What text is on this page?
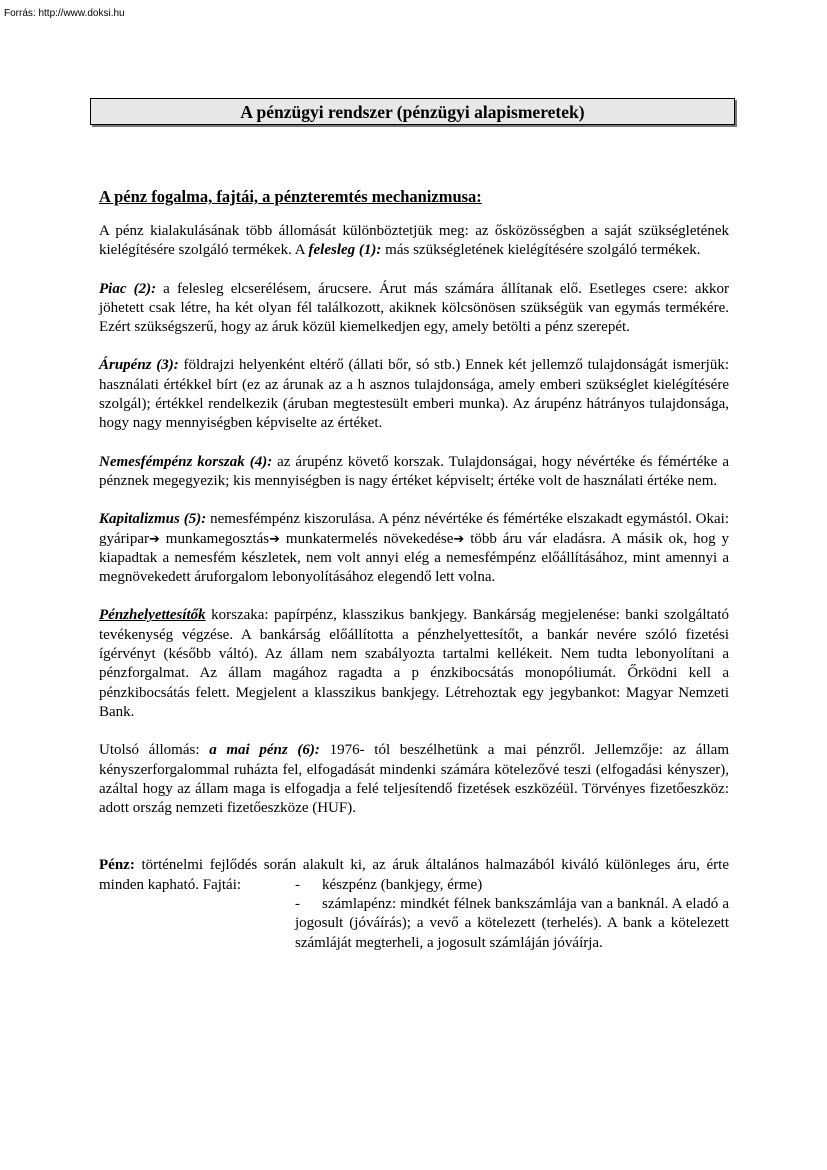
Forrás: http://www.doksi.hu
A pénzügyi rendszer (pénzügyi alapismeretek)
A pénz fogalma, fajtái, a pénzteremtés mechanizmusa:
A pénz kialakulásának több állomását különböztetjük meg: az ősközösségben a saját szükségletének kielégítésére szolgáló termékek. A felesleg (1): más szükségletének kielégítésére szolgáló termékek.
Piac (2): a felesleg elcserélésem, árucsere. Árut más számára állítanak elő. Esetleges csere: akkor jöhetett csak létre, ha két olyan fél találkozott, akiknek kölcsönösen szükségük van egymás termékére. Ezért szükségszerű, hogy az áruk közül kiemelkedjen egy, amely betölti a pénz szerepét.
Árupénz (3): földrajzi helyenként eltérő (állati bőr, só stb.) Ennek két jellemző tulajdonságát ismerjük: használati értékkel bírt (ez az árunak az a h asznos tulajdonsága, amely emberi szükséglet kielégítésére szolgál); értékkel rendelkezik (áruban megtestesült emberi munka). Az árupénz hátrányos tulajdonsága, hogy nagy mennyiségben képviselte az értéket.
Nemesfémpénz korszak (4): az árupénz követő korszak. Tulajdonságai, hogy névértéke és fémértéke a pénznek megegyezik; kis mennyiségben is nagy értéket képviselt; értéke volt de használati értéke nem.
Kapitalizmus (5): nemesfémpénz kiszorulása. A pénz névértéke és fémértéke elszakadt egymástól. Okai: gyáripar➔ munkamegosztás➔ munkatermelés növekedése➔ több áru vár eladásra. A másik ok, hog y kiapadtak a nemesfém készletek, nem volt annyi elég a nemesfémpénz előállításához, mint amennyi a megnövekedett áruforgalom lebonyolításához elegendő lett volna.
Pénzhelyettesítők korszaka: papírpénz, klasszikus bankjegy. Bankárság megjelenése: banki szolgáltató tevékenység végzése. A bankárság előállította a pénzhelyettesítőt, a bankár nevére szóló fizetési ígérvényt (később váltó). Az állam nem szabályozta tartalmi kellékeit. Nem tudta lebonyolítani a pénzforgalmat. Az állam magához ragadta a p énzkibocsátás monopóliumát. Őrködni kell a pénzkibocsátás felett. Megjelent a klasszikus bankjegy. Létrehoztak egy jegybankot: Magyar Nemzeti Bank.
Utolsó állomás: a mai pénz (6): 1976- tól beszélhetünk a mai pénzről. Jellemzője: az állam kényszerforgalommal ruházta fel, elfogadását mindenki számára kötelezővé teszi (elfogadási kényszer), azáltal hogy az állam maga is elfogadja a felé teljesítendő fizetések eszközéül. Törvényes fizetőeszköz: adott ország nemzeti fizetőeszköze (HUF).
Pénz: történelmi fejlődés során alakult ki, az áruk általános halmazából kiváló különleges áru, érte minden kapható. Fajtái:	-	készpénz (bankjegy, érme)
-	számlapénz: mindkét félnek bankszámlája van a banknál. A eladó a jogosult (jóváírás); a vevő a kötelezett (terhelés). A bank a kötelezett számláját megterheli, a jogosult számláján jóváírja.
